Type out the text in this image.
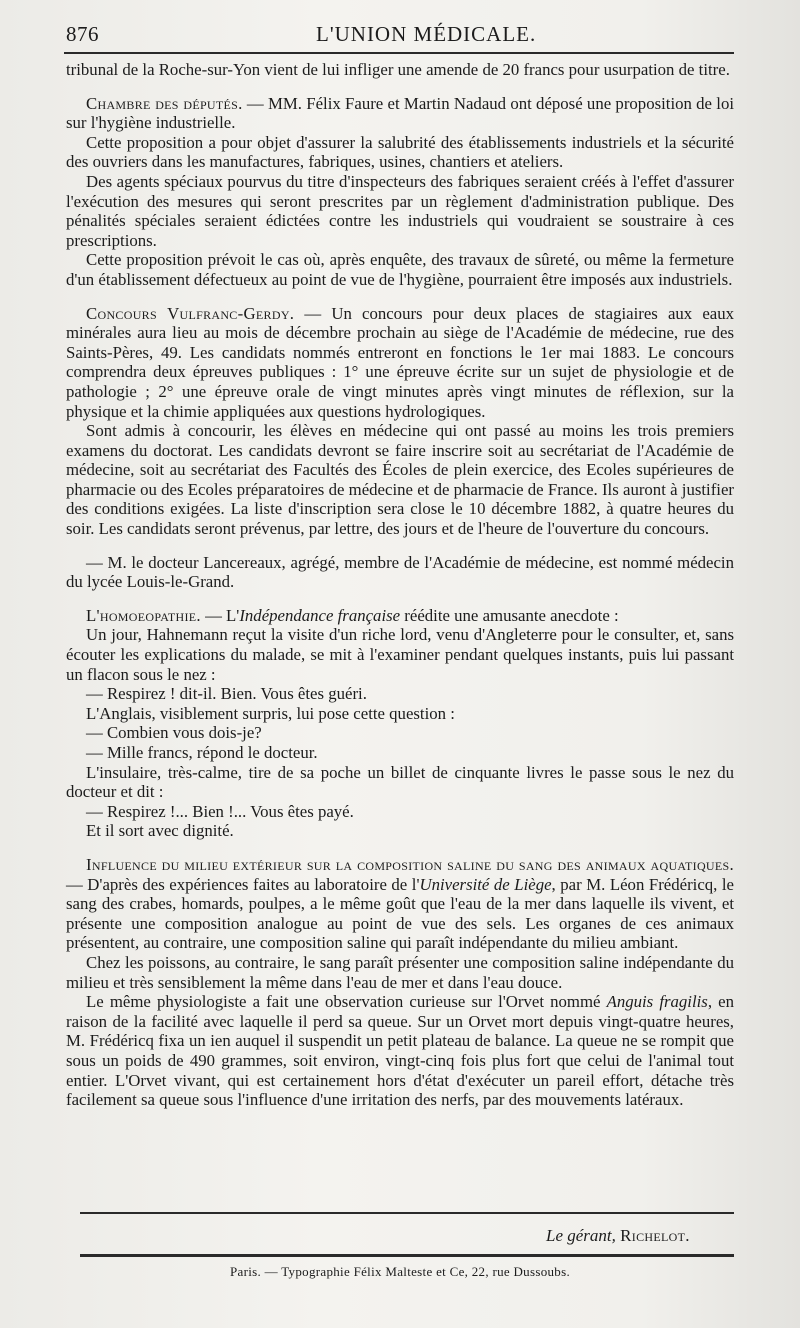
876	L'UNION MÉDICALE.

tribunal de la Roche-sur-Yon vient de lui infliger une amende de 20 francs pour usurpation de titre.

Chambre des députés. — MM. Félix Faure et Martin Nadaud ont déposé une proposition de loi sur l'hygiène industrielle.

Cette proposition a pour objet d'assurer la salubrité des établissements industriels et la sécurité des ouvriers dans les manufactures, fabriques, usines, chantiers et ateliers.

Des agents spéciaux pourvus du titre d'inspecteurs des fabriques seraient créés à l'effet d'assurer l'exécution des mesures qui seront prescrites par un règlement d'administration publique. Des pénalités spéciales seraient édictées contre les industriels qui voudraient se soustraire à ces prescriptions.

Cette proposition prévoit le cas où, après enquête, des travaux de sûreté, ou même la fermeture d'un établissement défectueux au point de vue de l'hygiène, pourraient être imposés aux industriels.

Concours Vulfranc-Gerdy. — Un concours pour deux places de stagiaires aux eaux minérales aura lieu au mois de décembre prochain au siège de l'Académie de médecine, rue des Saints-Pères, 49. Les candidats nommés entreront en fonctions le 1er mai 1883. Le concours comprendra deux épreuves publiques : 1° une épreuve écrite sur un sujet de physiologie et de pathologie ; 2° une épreuve orale de vingt minutes après vingt minutes de réflexion, sur la physique et la chimie appliquées aux questions hydrologiques.

Sont admis à concourir, les élèves en médecine qui ont passé au moins les trois premiers examens du doctorat. Les candidats devront se faire inscrire soit au secrétariat de l'Académie de médecine, soit au secrétariat des Facultés des Écoles de plein exercice, des Ecoles supérieures de pharmacie ou des Ecoles préparatoires de médecine et de pharmacie de France. Ils auront à justifier des conditions exigées. La liste d'inscription sera close le 10 décembre 1882, à quatre heures du soir. Les candidats seront prévenus, par lettre, des jours et de l'heure de l'ouverture du concours.

— M. le docteur Lancereaux, agrégé, membre de l'Académie de médecine, est nommé médecin du lycée Louis-le-Grand.

L'homoeopathie. — L'Indépendance française réédite une amusante anecdote :

Un jour, Hahnemann reçut la visite d'un riche lord, venu d'Angleterre pour le consulter, et, sans écouter les explications du malade, se mit à l'examiner pendant quelques instants, puis lui passant un flacon sous le nez :

— Respirez ! dit-il. Bien. Vous êtes guéri.

L'Anglais, visiblement surpris, lui pose cette question :

— Combien vous dois-je?

— Mille francs, répond le docteur.

L'insulaire, très-calme, tire de sa poche un billet de cinquante livres le passe sous le nez du docteur et dit :

— Respirez !... Bien !... Vous êtes payé.

Et il sort avec dignité.

Influence du milieu extérieur sur la composition saline du sang des animaux aquatiques. — D'après des expériences faites au laboratoire de l'Université de Liège, par M. Léon Frédéricq, le sang des crabes, homards, poulpes, a le même goût que l'eau de la mer dans laquelle ils vivent, et présente une composition analogue au point de vue des sels. Les organes de ces animaux présentent, au contraire, une composition saline qui paraît indépendante du milieu ambiant.

Chez les poissons, au contraire, le sang paraît présenter une composition saline indépendante du milieu et très sensiblement la même dans l'eau de mer et dans l'eau douce.

Le même physiologiste a fait une observation curieuse sur l'Orvet nommé Anguis fragilis, en raison de la facilité avec laquelle il perd sa queue. Sur un Orvet mort depuis vingt-quatre heures, M. Frédéricq fixa un ien auquel il suspendit un petit plateau de balance. La queue ne se rompit que sous un poids de 490 grammes, soit environ, vingt-cinq fois plus fort que celui de l'animal tout entier. L'Orvet vivant, qui est certainement hors d'état d'exécuter un pareil effort, détache très facilement sa queue sous l'influence d'une irritation des nerfs, par des mouvements latéraux.

Le gérant, Richelot.
Paris. — Typographie Félix Malteste et Ce, 22, rue Dussoubs.
